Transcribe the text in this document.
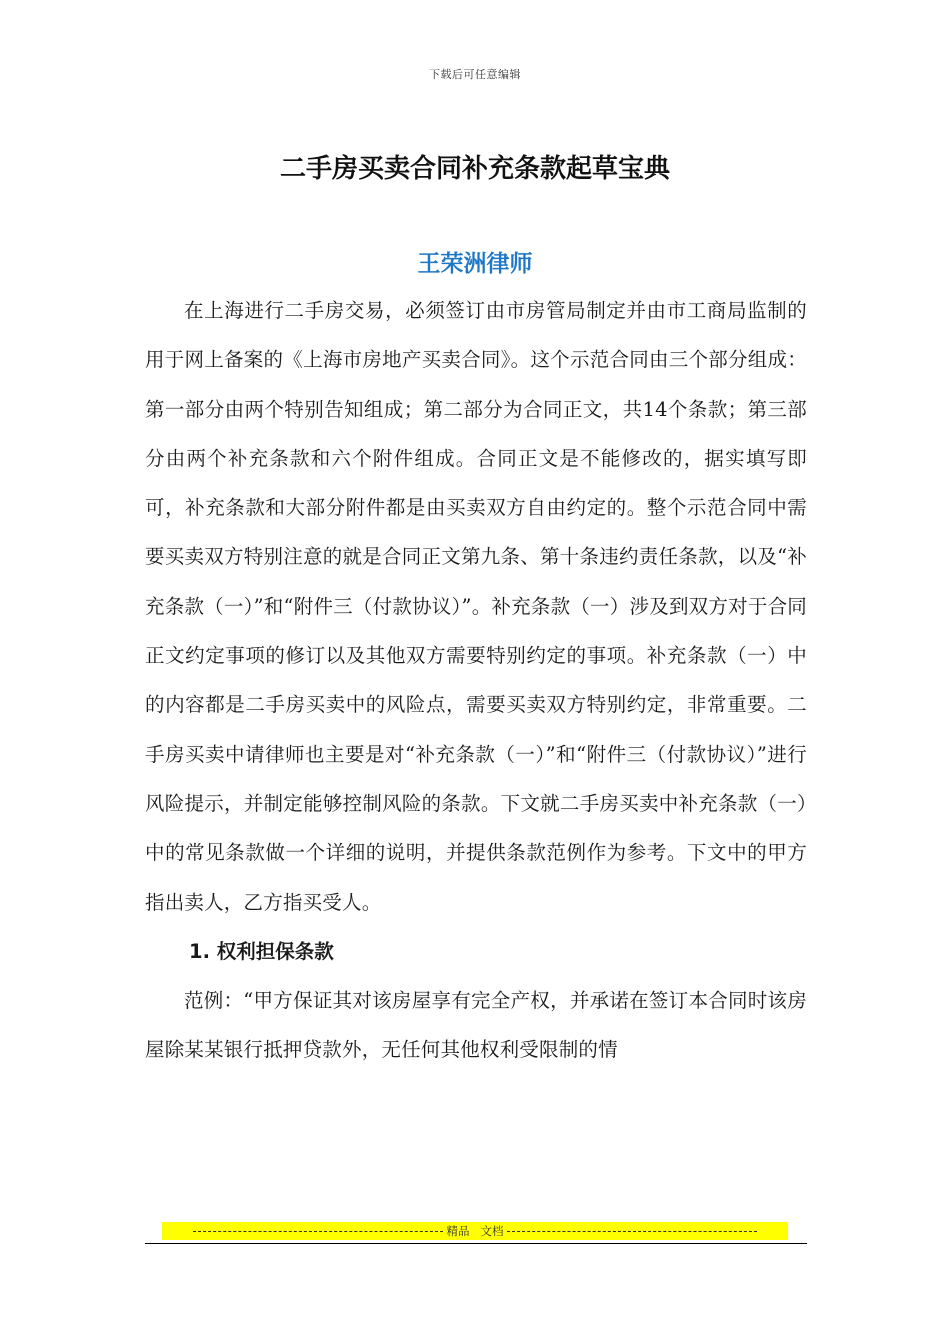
下载后可任意编辑
二手房买卖合同补充条款起草宝典
王荣洲律师

在上海进行二手房交易，必须签订由市房管局制定并由市工商局监制的用于网上备案的《上海市房地产买卖合同》。这个示范合同由三个部分组成：第一部分由两个特别告知组成；第二部分为合同正文，共14个条款；第三部分由两个补充条款和六个附件组成。合同正文是不能修改的，据实填写即可，补充条款和大部分附件都是由买卖双方自由约定的。整个示范合同中需要买卖双方特别注意的就是合同正文第九条、第十条违约责任条款，以及“补充条款（一）”和“附件三（付款协议）”。补充条款（一）涉及到双方对于合同正文约定事项的修订以及其他双方需要特别约定的事项。补充条款（一）中的内容都是二手房买卖中的风险点，需要买卖双方特别约定，非常重要。二手房买卖中请律师也主要是对“补充条款（一）”和“附件三（付款协议）”进行风险提示，并制定能够控制风险的条款。下文就二手房买卖中补充条款（一）中的常见条款做一个详细的说明，并提供条款范例作为参考。下文中的甲方指出卖人，乙方指买受人。

1. 权利担保条款

范例：“甲方保证其对该房屋享有完全产权，并承诺在签订本合同时该房屋除某某银行抵押贷款外，无任何其他权利受限制的情

精品 文档
